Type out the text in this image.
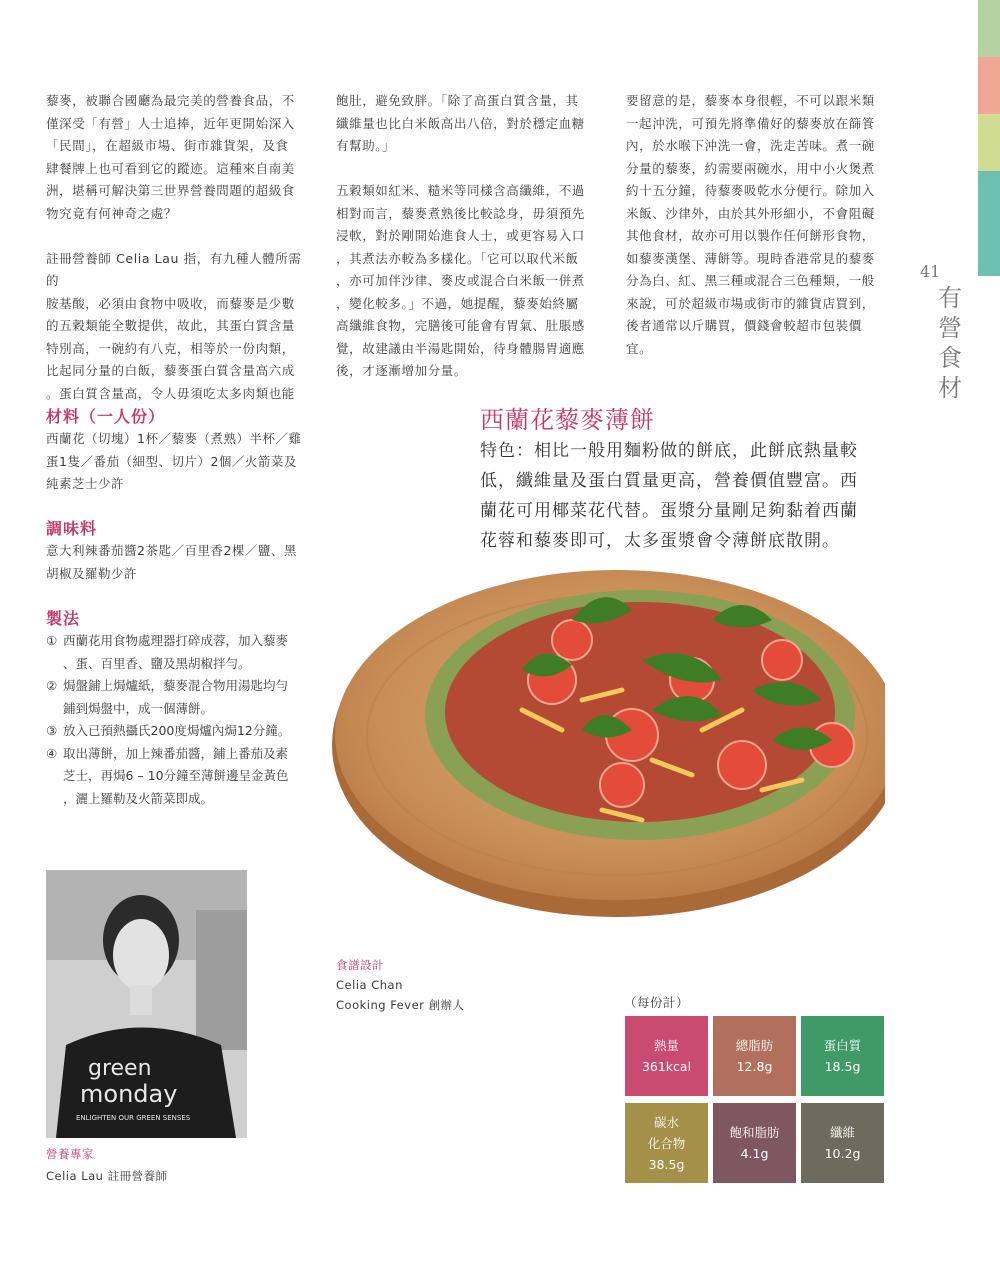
41
有
營
食
材
藜麥，被聯合國廳為最完美的營養食品，不
僅深受「有營」人士追捧，近年更開始深入
「民間」，在超級市場、街市雜貨架，及食
肆餐牌上也可看到它的蹤迹。這種來自南美
洲，堪稱可解決第三世界營養問題的超級食
物究竟有何神奇之處？

註冊營養師 Celia Lau 指，有九種人體所需的
胺基酸，必須由食物中吸收，而藜麥是少數
的五穀類能全數提供，故此，其蛋白質含量
特別高，一碗約有八克，相等於一份肉類，
比起同分量的白飯，藜麥蛋白質含量高六成
。蛋白質含量高，令人毋須吃太多肉類也能
飽肚，避免致胖。「除了高蛋白質含量，其
纖維量也比白米飯高出八倍，對於穩定血糖
有幫助。」

五穀類如紅米、糙米等同樣含高纖維，不過
相對而言，藜麥煮熟後比較諗身，毋須預先
浸軟，對於剛開始進食人士，或更容易入口
，其煮法亦較為多樣化。「它可以取代米飯
，亦可加伴沙律、麥皮或混合白米飯一併煮
，變化較多。」不過，她提醒，藜麥始終屬
高纖維食物，完膳後可能會有胃氣、肚脹感
覺，故建議由半湯匙開始，待身體腸胃適應
後，才逐漸增加分量。
要留意的是，藜麥本身很輕，不可以跟米類
一起沖洗，可預先將準備好的藜麥放在篩篒
內，於水喉下沖洗一會，洗走苦味。煮一碗
分量的藜麥，約需要兩碗水，用中小火煲煮
約十五分鐘，待藜麥吸乾水分便行。除加入
米飯、沙律外，由於其外形細小，不會阻礙
其他食材，故亦可用以製作任何餅形食物，
如藜麥漢堡、薄餅等。現時香港常見的藜麥
分為白、紅、黑三種或混合三色種類，一般
來說，可於超級市場或街市的雜貨店買到，
後者通常以斤購買，價錢會較超市包裝價
宜。
材料（一人份）
西蘭花（切塊）1杯／藜麥（煮熟）半杯／雞
蛋1隻／番茄（細型、切片）2個／火箭菜及
純素芝士少許
調味料
意大利辣番茄醬2茶匙／百里香2棵／鹽、黑
胡椒及羅勒少許
製法
① 西蘭花用食物處理器打碎成蓉，加入藜麥
、蛋、百里香、鹽及黑胡椒拌勻。
② 焗盤鋪上焗爐紙，藜麥混合物用湯匙均勻
鋪到焗盤中，成一個薄餅。
③ 放入已預熱攝氏200度焗爐內焗12分鐘。
④ 取出薄餅，加上辣番茄醬，鋪上番茄及素
芝士，再焗6 – 10分鐘至薄餅邊呈金黃色
，灑上羅勒及火箭菜即成。
西蘭花藜麥薄餅
特色：相比一般用麵粉做的餅底，此餅底熱量較
低，纖維量及蛋白質量更高，營養價值豐富。西
蘭花可用椰菜花代替。蛋漿分量剛足夠黏着西蘭
花蓉和藜麥即可，太多蛋漿會令薄餅底散開。
green
monday
ENLIGHTEN OUR GREEN SENSES
營養專家
Celia Lau 註冊營養師
食譜設計
Celia Chan
Cooking Fever 創辦人	（每份計）
熱量
361kcal
總脂肪
12.8g
蛋白質
18.5g
碳水
化合物
38.5g
飽和脂肪
4.1g
纖維
10.2g
